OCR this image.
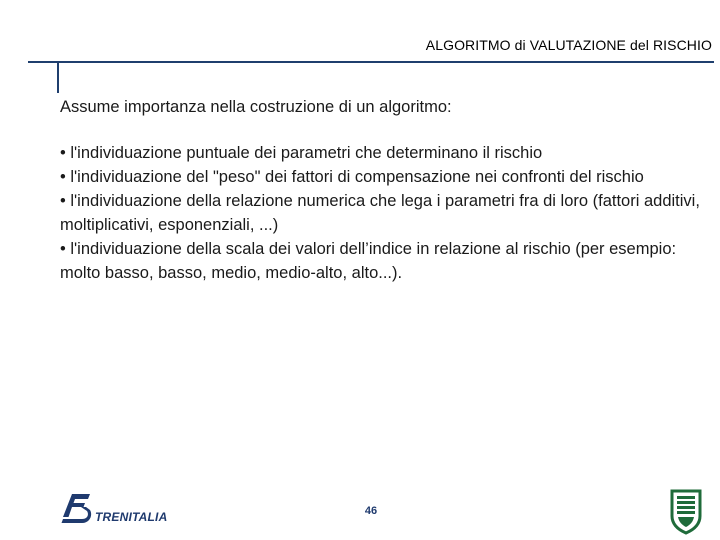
ALGORITMO di VALUTAZIONE del RISCHIO

Assume importanza nella costruzione di un algoritmo:

• l'individuazione puntuale dei parametri che determinano il rischio
• l'individuazione del "peso" dei fattori di compensazione nei confronti del rischio
• l'individuazione della relazione numerica che lega i parametri fra di loro (fattori additivi, moltiplicativi, esponenziali, ...)
• l'individuazione della scala dei valori dell’indice in relazione al rischio (per esempio: molto basso, basso, medio, medio-alto, alto...).
TRENITALIA	46
